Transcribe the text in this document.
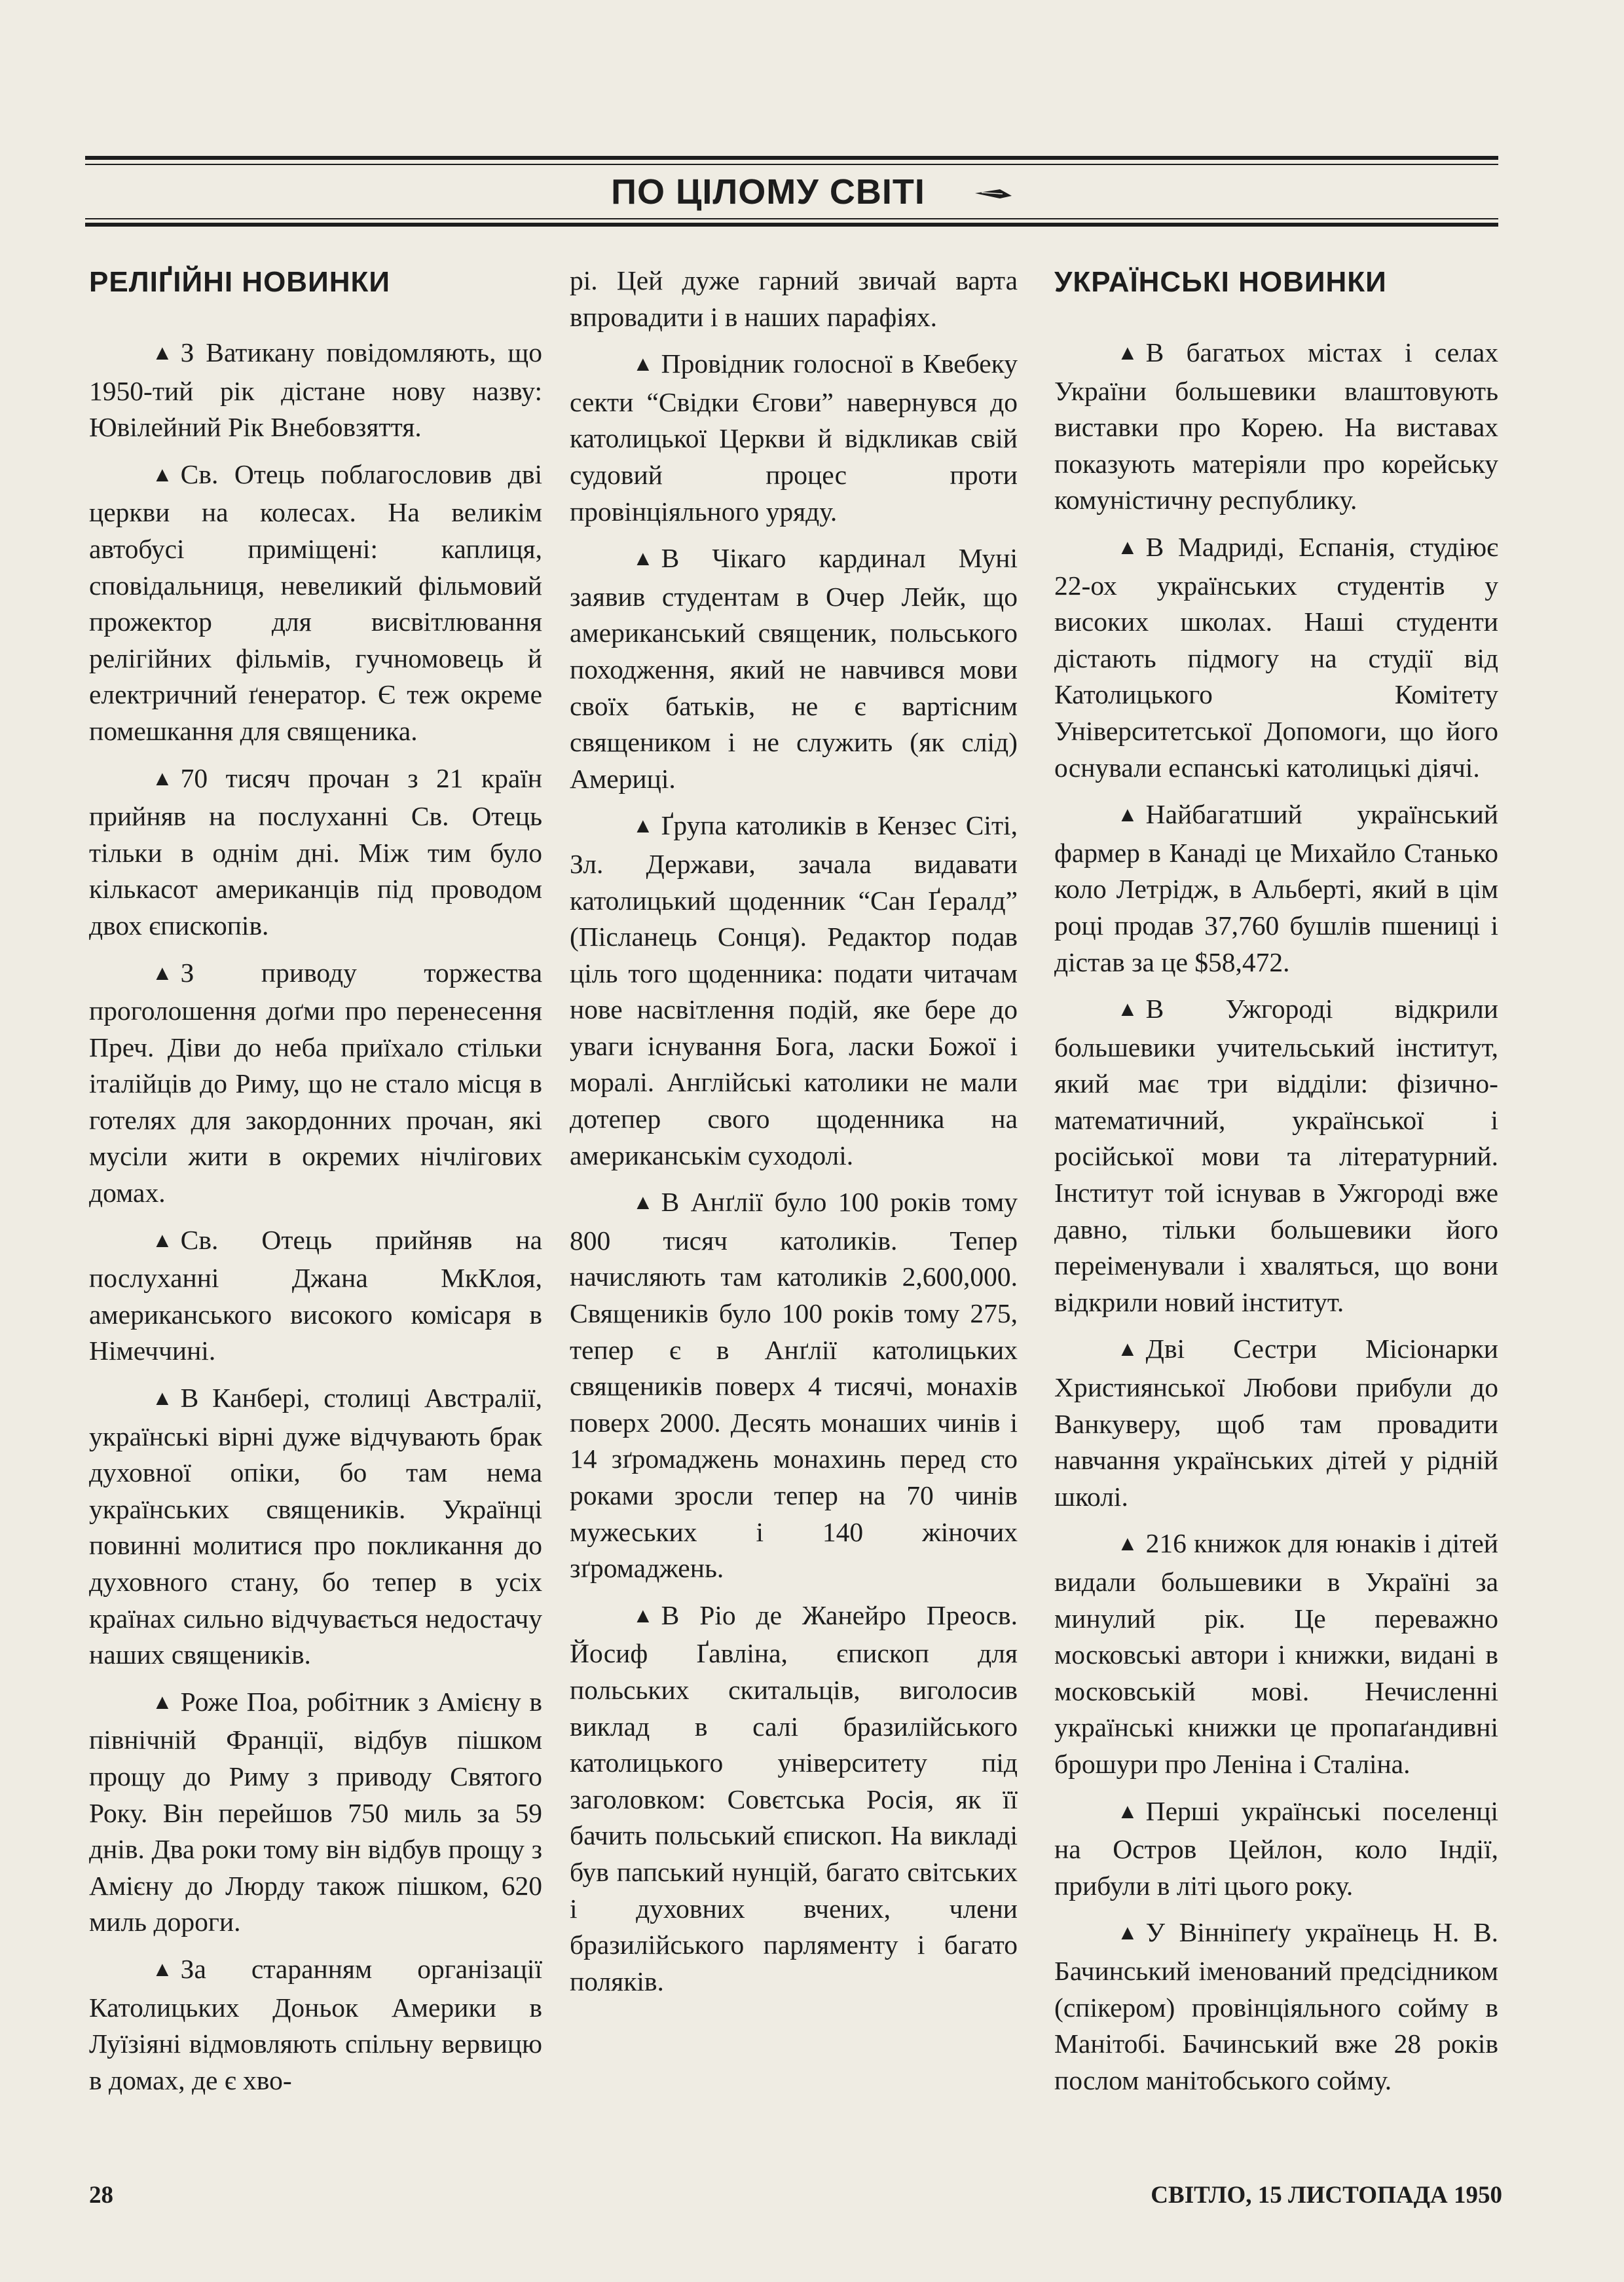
ПО ЦІЛОМУ СВІТІ
РЕЛІҐІЙНІ НОВИНКИ

▲ З Ватикану повідомляють, що 1950-тий рік дістане нову назву: Ювілейний Рік Внебовзяття.

▲ Св. Отець поблагословив дві церкви на колесах. На великім автобусі приміщені: каплиця, сповідальниця, невеликий фільмовий прожектор для висвітлювання релігійних фільмів, гучномовець й електричний ґенератор. Є теж окреме помешкання для священика.

▲ 70 тисяч прочан з 21 країн прийняв на послуханні Св. Отець тільки в однім дні. Між тим було кількасот американців під проводом двох єпископів.

▲ З приводу торжества проголошення доґми про перенесення Преч. Діви до неба приїхало стільки італійців до Риму, що не стало місця в готелях для закордонних прочан, які мусіли жити в окремих нічлігових домах.

▲ Св. Отець прийняв на послуханні Джана МкКлоя, американського високого комісаря в Німеччині.

▲ В Канбері, столиці Австралії, українські вірні дуже відчувають брак духовної опіки, бо там нема українських священиків. Українці повинні молитися про покликання до духовного стану, бо тепер в усіх країнах сильно відчувається недостачу наших священиків.

▲ Роже Поа, робітник з Амієну в північній Франції, відбув пішком прощу до Риму з приводу Святого Року. Він перейшов 750 миль за 59 днів. Два роки тому він відбув прощу з Амієну до Люрду також пішком, 620 миль дороги.

▲ За старанням організації Католицьких Доньок Америки в Луїзіяні відмовляють спільну вервицю в домах, де є хво-

рі. Цей дуже гарний звичай варта впровадити і в наших парафіях.

▲ Провідник голосної в Квебеку секти “Свідки Єгови” навернувся до католицької Церкви й відкликав свій судовий процес проти провінціяльного уряду.

▲ В Чікаго кардинал Муні заявив студентам в Очер Лейк, що американський священик, польського походження, який не навчився мови своїх батьків, не є вартісним священиком і не служить (як слід) Америці.

▲ Ґрупа католиків в Кензес Сіті, Зл. Держави, зачала видавати католицький щоденник “Сан Ґералд” (Післанець Сонця). Редактор подав ціль того щоденника: подати читачам нове насвітлення подій, яке бере до уваги існування Бога, ласки Божої і моралі. Англійські католики не мали дотепер свого щоденника на американськім суходолі.

▲ В Анґлії було 100 років тому 800 тисяч католиків. Тепер начисляють там католиків 2,600,000. Священиків було 100 років тому 275, тепер є в Анґлії католицьких священиків поверх 4 тисячі, монахів поверх 2000. Десять монаших чинів і 14 зґромаджень монахинь перед сто роками зросли тепер на 70 чинів мужеських і 140 жіночих зґромаджень.

▲ В Ріо де Жанейро Преосв. Йосиф Ґавліна, єпископ для польських скитальців, виголосив виклад в салі бразилійського католицького університету під заголовком: Совєтська Росія, як її бачить польський єпископ. На викладі був папський нунцій, багато світських і духовних вчених, члени бразилійського парляменту і багато поляків.

УКРАЇНСЬКІ НОВИНКИ

▲ В багатьох містах і селах України большевики влаштовують виставки про Корею. На виставах показують матеріяли про корейську комуністичну республику.

▲ В Мадриді, Еспанія, студіює 22-ох українських студентів у високих школах. Наші студенти дістають підмогу на студії від Католицького Комітету Університетської Допомоги, що його оснували еспанські католицькі діячі.

▲ Найбагатший український фармер в Канаді це Михайло Станько коло Летрідж, в Альберті, який в цім році продав 37,760 бушлів пшениці і дістав за це $58,472.

▲ В Ужгороді відкрили большевики учительський інститут, який має три відділи: фізично-математичний, української і російської мови та літературний. Інститут той існував в Ужгороді вже давно, тільки большевики його переіменували і хваляться, що вони відкрили новий інститут.

▲ Дві Сестри Місіонарки Християнської Любови прибули до Ванкуверу, щоб там провадити навчання українських дітей у рідній школі.

▲ 216 книжок для юнаків і дітей видали большевики в Україні за минулий рік. Це переважно московські автори і книжки, видані в московській мові. Нечисленні українські книжки це пропаґандивні брошури про Леніна і Сталіна.

▲ Перші українські поселенці на Остров Цейлон, коло Індії, прибули в літі цього року.

▲ У Вінніпеґу українець Н. В. Бачинський іменований предсідником (спікером) провінціяльного сойму в Манітобі. Бачинський вже 28 років послом манітобського сойму.

28	СВІТЛО, 15 ЛИСТОПАДА 1950
